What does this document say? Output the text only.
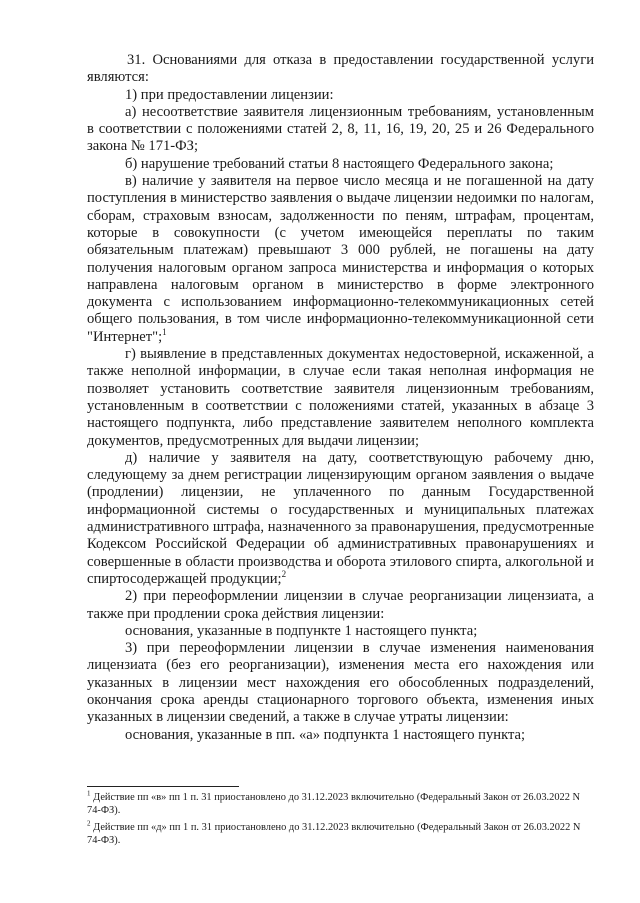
31. Основаниями для отказа в предоставлении государственной услуги являются:

1) при предоставлении лицензии:

а) несоответствие заявителя лицензионным требованиям, установленным в соответствии с положениями статей 2, 8, 11, 16, 19, 20, 25 и 26 Федерального закона № 171-ФЗ;

б) нарушение требований статьи 8 настоящего Федерального закона;

в) наличие у заявителя на первое число месяца и не погашенной на дату поступления в министерство заявления о выдаче лицензии недоимки по налогам, сборам, страховым взносам, задолженности по пеням, штрафам, процентам, которые в совокупности (с учетом имеющейся переплаты по таким обязательным платежам) превышают 3 000 рублей, не погашены на дату получения налоговым органом запроса министерства и информация о которых направлена налоговым органом в министерство в форме электронного документа с использованием информационно-телекоммуникационных сетей общего пользования, в том числе информационно-телекоммуникационной сети "Интернет";$^1$

г) выявление в представленных документах недостоверной, искаженной, а также неполной информации, в случае если такая неполная информация не позволяет установить соответствие заявителя лицензионным требованиям, установленным в соответствии с положениями статей, указанных в абзаце 3 настоящего подпункта, либо представление заявителем неполного комплекта документов, предусмотренных для выдачи лицензии;

д) наличие у заявителя на дату, соответствующую рабочему дню, следующему за днем регистрации лицензирующим органом заявления о выдаче (продлении) лицензии, не уплаченного по данным Государственной информационной системы о государственных и муниципальных платежах административного штрафа, назначенного за правонарушения, предусмотренные Кодексом Российской Федерации об административных правонарушениях и совершенные в области производства и оборота этилового спирта, алкогольной и спиртосодержащей продукции;$^2$

2) при переоформлении лицензии в случае реорганизации лицензиата, а также при продлении срока действия лицензии:

основания, указанные в подпункте 1 настоящего пункта;

3) при переоформлении лицензии в случае изменения наименования лицензиата (без его реорганизации), изменения места его нахождения или указанных в лицензии мест нахождения его обособленных подразделений, окончания срока аренды стационарного торгового объекта, изменения иных указанных в лицензии сведений, а также в случае утраты лицензии:

основания, указанные в пп. «а» подпункта 1 настоящего пункта;

$^1$ Действие пп «в» пп 1 п. 31 приостановлено до 31.12.2023 включительно (Федеральный Закон от 26.03.2022 N 74-ФЗ).

$^2$ Действие пп «д» пп 1 п. 31 приостановлено до 31.12.2023 включительно (Федеральный Закон от 26.03.2022 N 74-ФЗ).
